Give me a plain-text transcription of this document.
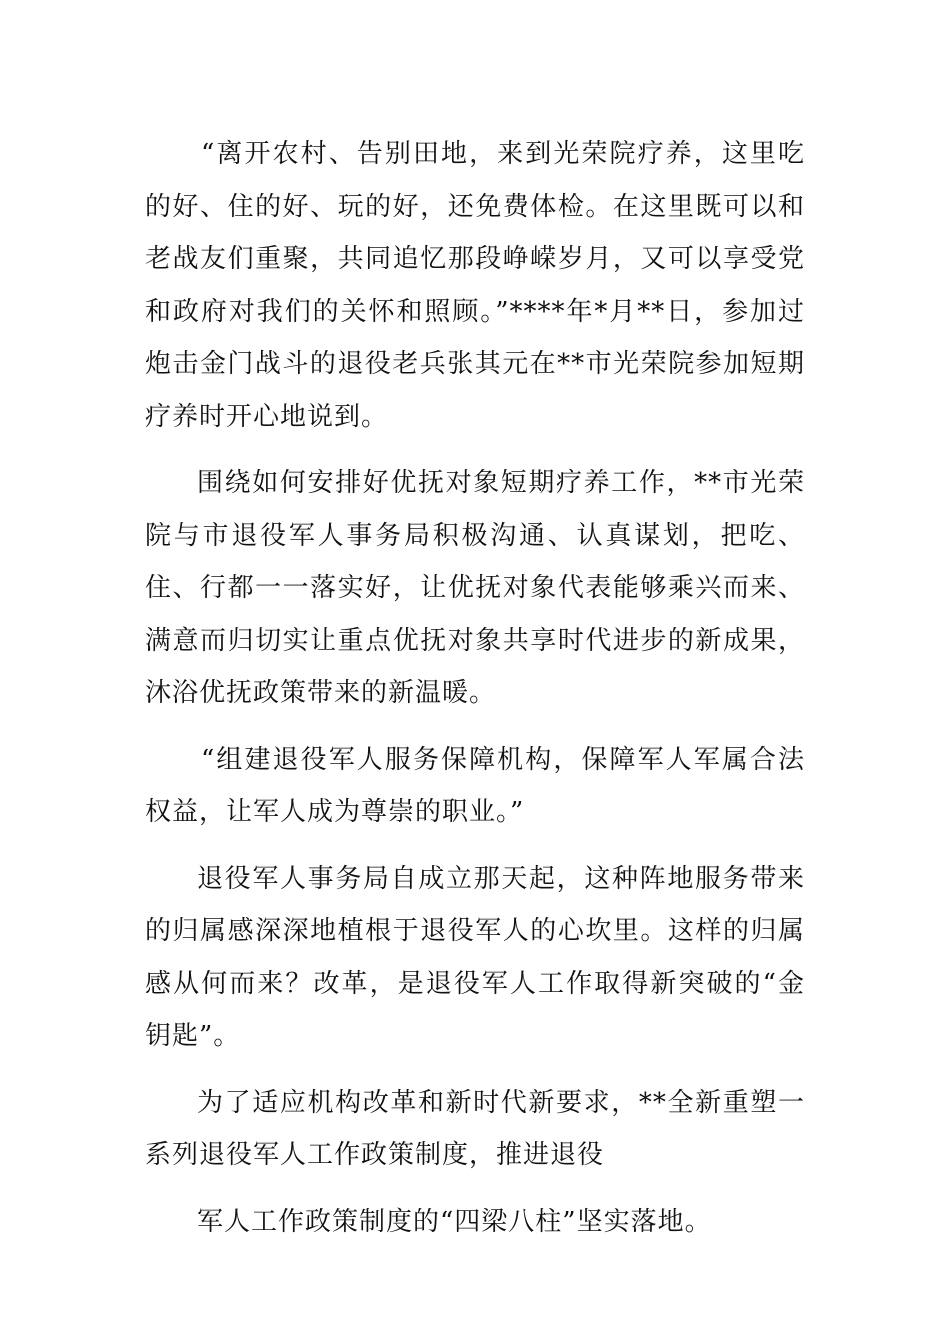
“离开农村、告别田地，来到光荣院疗养，这里吃的好、住的好、玩的好，还免费体检。在这里既可以和老战友们重聚，共同追忆那段峥嵘岁月，又可以享受党和政府对我们的关怀和照顾。”****年*月**日，参加过炮击金门战斗的退役老兵张其元在**市光荣院参加短期疗养时开心地说到。

围绕如何安排好优抚对象短期疗养工作，**市光荣院与市退役军人事务局积极沟通、认真谋划，把吃、住、行都一一落实好，让优抚对象代表能够乘兴而来、满意而归切实让重点优抚对象共享时代进步的新成果，沐浴优抚政策带来的新温暖。

“组建退役军人服务保障机构，保障军人军属合法权益，让军人成为尊崇的职业。”

退役军人事务局自成立那天起，这种阵地服务带来的归属感深深地植根于退役军人的心坎里。这样的归属感从何而来？改革，是退役军人工作取得新突破的“金钥匙”。

为了适应机构改革和新时代新要求，**全新重塑一系列退役军人工作政策制度，推进退役

军人工作政策制度的“四梁八柱”坚实落地。
